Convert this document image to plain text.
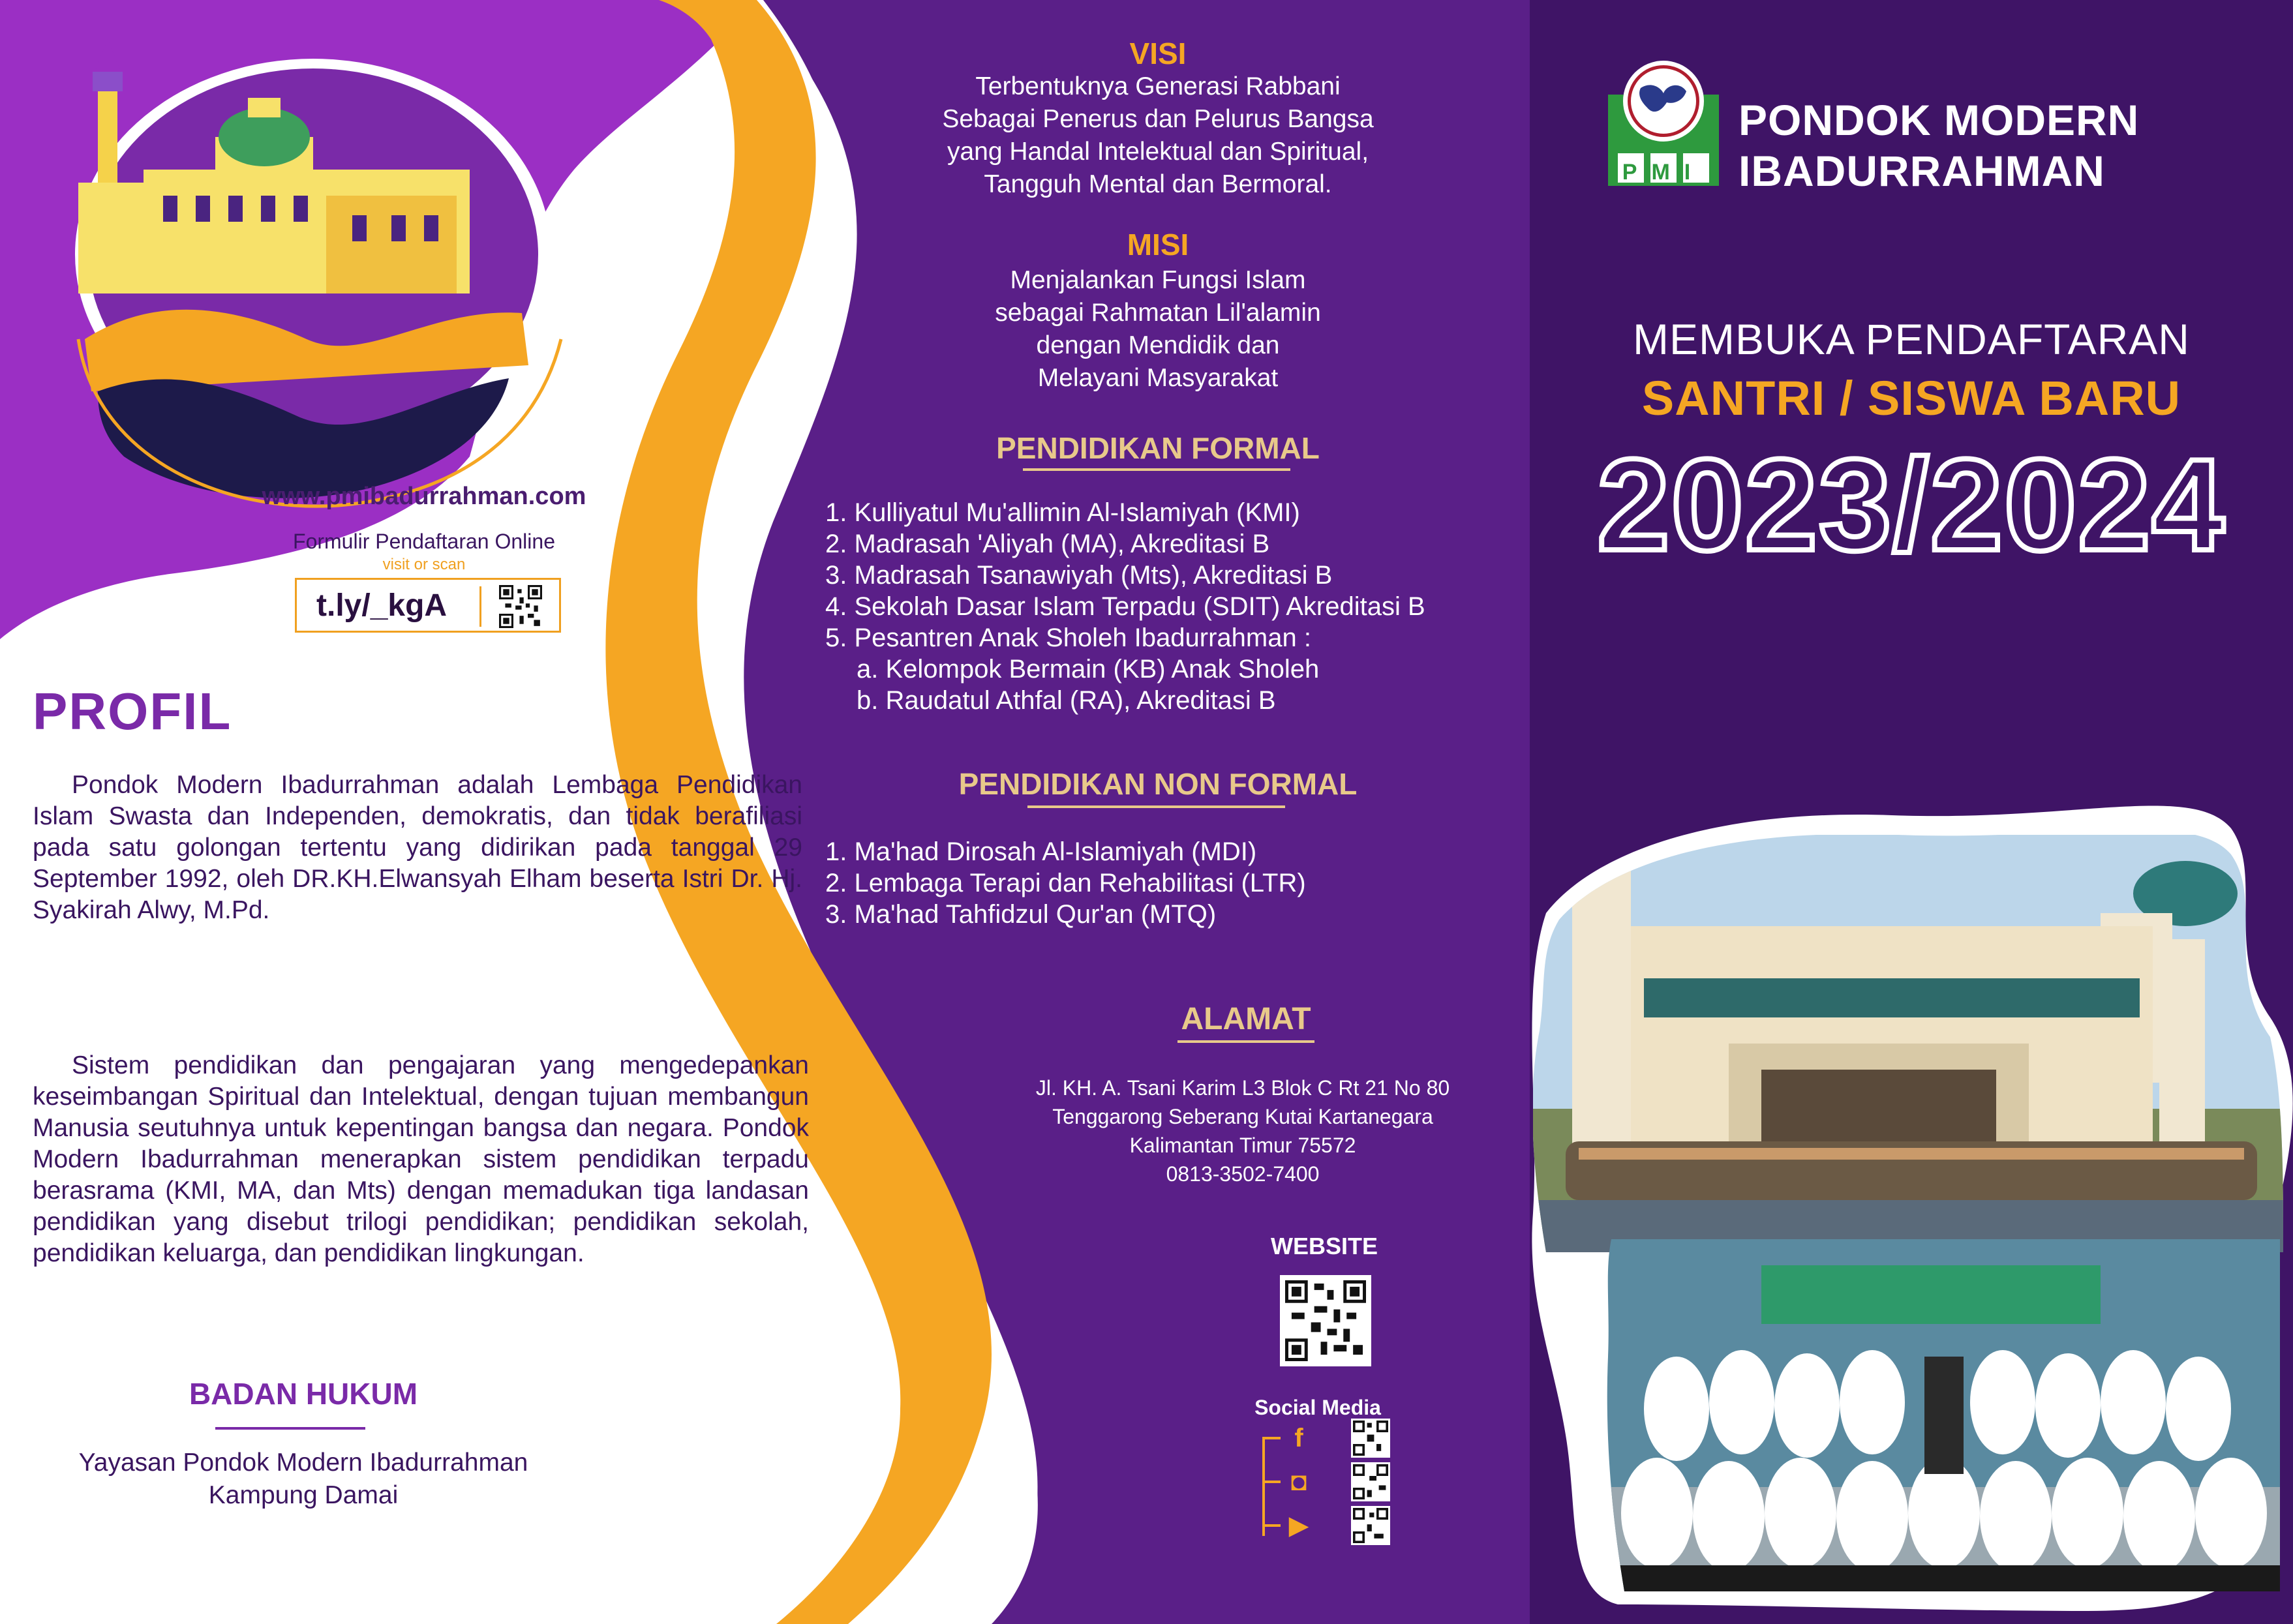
www.pmibadurrahman.com
Formulir Pendaftaran Online
visit or scan
t.ly/_kgA
PROFIL
Pondok Modern Ibadurrahman adalah Lembaga Pendidikan Islam Swasta dan Independen, demokratis, dan tidak berafiliasi pada satu golongan tertentu yang didirikan pada tanggal 29 September 1992, oleh DR.KH.Elwansyah Elham beserta Istri Dr. Hj. Syakirah Alwy, M.Pd.
Sistem pendidikan dan pengajaran yang mengedepankan keseimbangan Spiritual dan Intelektual, dengan tujuan membangun Manusia seutuhnya untuk kepentingan bangsa dan negara. Pondok Modern Ibadurrahman menerapkan sistem pendidikan terpadu berasrama (KMI, MA, dan Mts) dengan memadukan tiga landasan pendidikan yang disebut trilogi pendidikan; pendidikan sekolah, pendidikan keluarga, dan pendidikan lingkungan.
BADAN HUKUM
Yayasan Pondok Modern Ibadurrahman
Kampung Damai
VISI
Terbentuknya Generasi Rabbani
Sebagai Penerus dan Pelurus Bangsa
yang Handal Intelektual dan Spiritual,
Tangguh Mental dan Bermoral.
MISI
Menjalankan Fungsi Islam
sebagai Rahmatan Lil'alamin
dengan Mendidik dan
Melayani Masyarakat
PENDIDIKAN FORMAL
1. Kulliyatul Mu'allimin Al-Islamiyah (KMI)
2. Madrasah 'Aliyah (MA), Akreditasi B
3. Madrasah Tsanawiyah (Mts), Akreditasi B
4. Sekolah Dasar Islam Terpadu (SDIT) Akreditasi B
5. Pesantren Anak Sholeh Ibadurrahman :
a. Kelompok Bermain (KB) Anak Sholeh
b. Raudatul Athfal (RA), Akreditasi B
PENDIDIKAN NON FORMAL
1. Ma'had Dirosah Al-Islamiyah (MDI)
2. Lembaga Terapi dan Rehabilitasi (LTR)
3. Ma'had Tahfidzul Qur'an (MTQ)
ALAMAT
Jl. KH. A. Tsani Karim L3 Blok C Rt 21 No 80
Tenggarong Seberang Kutai Kartanegara
Kalimantan Timur 75572
0813-3502-7400
WEBSITE
Social Media
f
◘
▶
PMI
PONDOK MODERN
IBADURRAHMAN
MEMBUKA PENDAFTARAN
SANTRI / SISWA BARU
2023/2024
